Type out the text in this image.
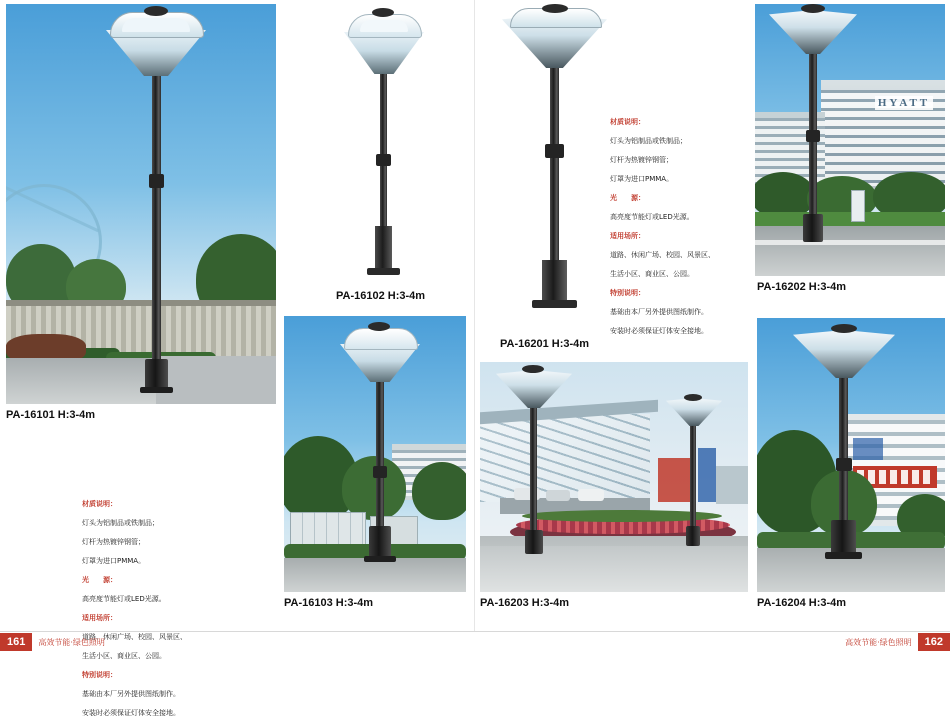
PA-16101 H:3-4m

材质说明：

灯头为铝制品或铁制品；

灯杆为热镀锌钢管；

灯罩为进口PMMA。

光　　源：

高亮度节能灯或LED光源。

适用场所：

道路、休闲广场、校园、风景区、

生活小区、商业区、公园。

特别说明：

基础由本厂另外提供图纸制作。

安装时必须保证灯体安全接地。

PA-16102 H:3-4m
PA-16201 H:3-4m

材质说明：

灯头为铝制品或铁制品；

灯杆为热镀锌钢管；

灯罩为进口PMMA。

光　　源：

高亮度节能灯或LED光源。

适用场所：

道路、休闲广场、校园、风景区、

生活小区、商业区、公园。

特别说明：

基础由本厂另外提供图纸制作。

安装时必须保证灯体安全接地。

HYATT
PA-16202 H:3-4m
PA-16103 H:3-4m	PA-16203 H:3-4m	PA-16204 H:3-4m
161	高效节能·绿色照明	高效节能·绿色照明	162
